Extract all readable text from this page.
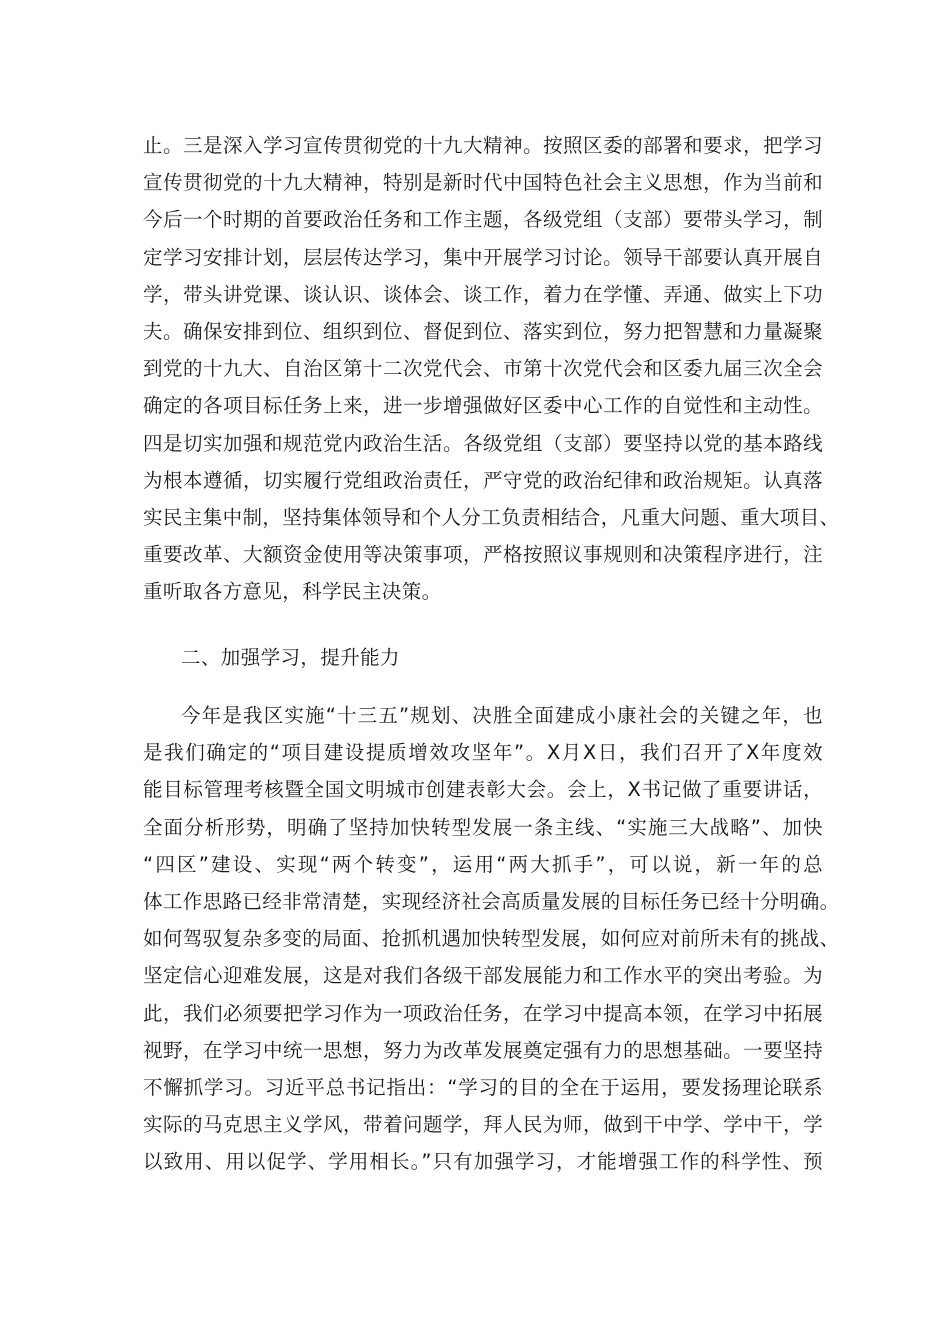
止。三是深入学习宣传贯彻党的十九大精神。按照区委的部署和要求，把学习
宣传贯彻党的十九大精神，特别是新时代中国特色社会主义思想，作为当前和
今后一个时期的首要政治任务和工作主题，各级党组（支部）要带头学习，制
定学习安排计划，层层传达学习，集中开展学习讨论。领导干部要认真开展自
学，带头讲党课、谈认识、谈体会、谈工作，着力在学懂、弄通、做实上下功
夫。确保安排到位、组织到位、督促到位、落实到位，努力把智慧和力量凝聚
到党的十九大、自治区第十二次党代会、市第十次党代会和区委九届三次全会
确定的各项目标任务上来，进一步增强做好区委中心工作的自觉性和主动性。
四是切实加强和规范党内政治生活。各级党组（支部）要坚持以党的基本路线
为根本遵循，切实履行党组政治责任，严守党的政治纪律和政治规矩。认真落
实民主集中制，坚持集体领导和个人分工负责相结合，凡重大问题、重大项目、
重要改革、大额资金使用等决策事项，严格按照议事规则和决策程序进行，注
重听取各方意见，科学民主决策。
二、加强学习，提升能力
今年是我区实施“十三五”规划、决胜全面建成小康社会的关键之年，也
是我们确定的“项目建设提质增效攻坚年”。X月X日，我们召开了X年度效
能目标管理考核暨全国文明城市创建表彰大会。会上，X书记做了重要讲话，
全面分析形势，明确了坚持加快转型发展一条主线、“实施三大战略”、加快
“四区”建设、实现“两个转变”，运用“两大抓手”，可以说，新一年的总
体工作思路已经非常清楚，实现经济社会高质量发展的目标任务已经十分明确。
如何驾驭复杂多变的局面、抢抓机遇加快转型发展，如何应对前所未有的挑战、
坚定信心迎难发展，这是对我们各级干部发展能力和工作水平的突出考验。为
此，我们必须要把学习作为一项政治任务，在学习中提高本领，在学习中拓展
视野，在学习中统一思想，努力为改革发展奠定强有力的思想基础。一要坚持
不懈抓学习。习近平总书记指出：“学习的目的全在于运用，要发扬理论联系
实际的马克思主义学风，带着问题学，拜人民为师，做到干中学、学中干，学
以致用、用以促学、学用相长。”只有加强学习，才能增强工作的科学性、预
